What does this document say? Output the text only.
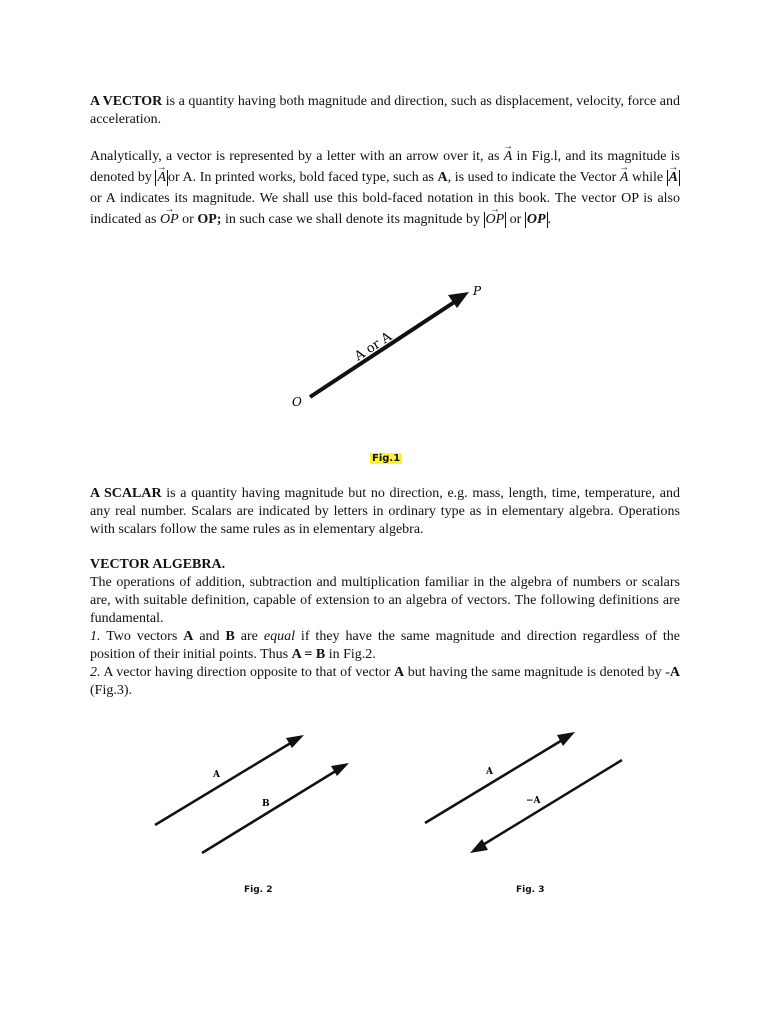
A VECTOR is a quantity having both magnitude and direction, such as displacement, velocity, force and acceleration.

Analytically, a vector is represented by a letter with an arrow over it, as → A in Fig.l, and its magnitude is denoted by → A or A. In printed works, bold faced type, such as A, is used to indicate the Vector → A while → A or A indicates its magnitude. We shall use this bold-faced notation in this book. The vector OP is also indicated as → OP or OP; in such case we shall denote its magnitude by → OP or OP .

O
P
A or A
Fig.1

A SCALAR is a quantity having magnitude but no direction, e.g. mass, length, time, temperature, and any real number. Scalars are indicated by letters in ordinary type as in elementary algebra. Operations with scalars follow the same rules as in elementary algebra.

VECTOR ALGEBRA.
The operations of addition, subtraction and multiplication familiar in the algebra of numbers or scalars are, with suitable definition, capable of extension to an algebra of vectors. The following definitions are fundamental.
1. Two vectors A and B are equal if they have the same magnitude and direction regardless of the position of their initial points. Thus A = B in Fig.2.
2. A vector having direction opposite to that of vector A but having the same magnitude is denoted by -A (Fig.3).
A
B
Fig. 2
A
−A
Fig. 3
